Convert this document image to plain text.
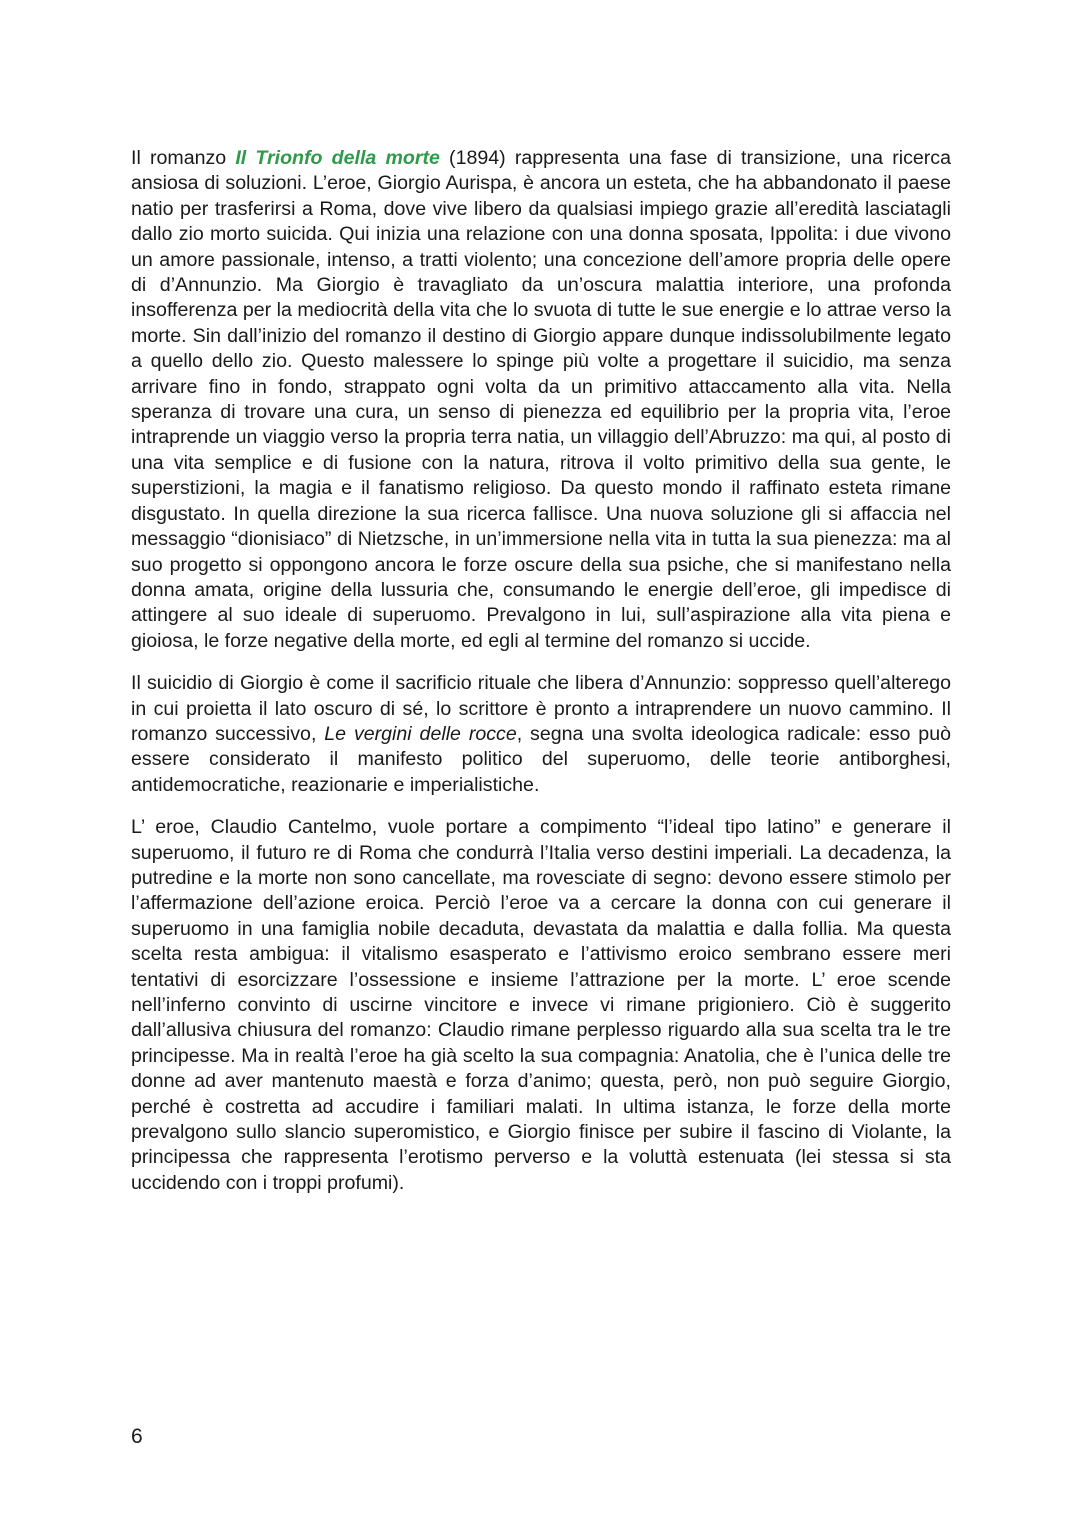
Il romanzo Il Trionfo della morte (1894) rappresenta una fase di transizione, una ricerca ansiosa di soluzioni. L’eroe, Giorgio Aurispa, è ancora un esteta, che ha abbandonato il paese natio per trasferirsi a Roma, dove vive libero da qualsiasi impiego grazie all’eredità lasciatagli dallo zio morto suicida. Qui inizia una relazione con una donna sposata, Ippolita: i due vivono un amore passionale, intenso, a tratti violento; una concezione dell’amore propria delle opere di d’Annunzio. Ma Giorgio è travagliato da un’oscura malattia interiore, una profonda insofferenza per la mediocrità della vita che lo svuota di tutte le sue energie e lo attrae verso la morte. Sin dall’inizio del romanzo il destino di Giorgio appare dunque indissolubilmente legato a quello dello zio. Questo malessere lo spinge più volte a progettare il suicidio, ma senza arrivare fino in fondo, strappato ogni volta da un primitivo attaccamento alla vita. Nella speranza di trovare una cura, un senso di pienezza ed equilibrio per la propria vita, l’eroe intraprende un viaggio verso la propria terra natia, un villaggio dell’Abruzzo: ma qui, al posto di una vita semplice e di fusione con la natura, ritrova il volto primitivo della sua gente, le superstizioni, la magia e il fanatismo religioso. Da questo mondo il raffinato esteta rimane disgustato. In quella direzione la sua ricerca fallisce. Una nuova soluzione gli si affaccia nel messaggio “dionisiaco” di Nietzsche, in un’immersione nella vita in tutta la sua pienezza: ma al suo progetto si oppongono ancora le forze oscure della sua psiche, che si manifestano nella donna amata, origine della lussuria che, consumando le energie dell’eroe, gli impedisce di attingere al suo ideale di superuomo. Prevalgono in lui, sull’aspirazione alla vita piena e gioiosa, le forze negative della morte, ed egli al termine del romanzo si uccide.

Il suicidio di Giorgio è come il sacrificio rituale che libera d’Annunzio: soppresso quell’alterego in cui proietta il lato oscuro di sé, lo scrittore è pronto a intraprendere un nuovo cammino. Il romanzo successivo, Le vergini delle rocce, segna una svolta ideologica radicale: esso può essere considerato il manifesto politico del superuomo, delle teorie antiborghesi, antidemocratiche, reazionarie e imperialistiche.

L’ eroe, Claudio Cantelmo, vuole portare a compimento “l’ideal tipo latino” e generare il superuomo, il futuro re di Roma che condurrà l’Italia verso destini imperiali. La decadenza, la putredine e la morte non sono cancellate, ma rovesciate di segno: devono essere stimolo per l’affermazione dell’azione eroica. Perciò l’eroe va a cercare la donna con cui generare il superuomo in una famiglia nobile decaduta, devastata da malattia e dalla follia. Ma questa scelta resta ambigua: il vitalismo esasperato e l’attivismo eroico sembrano essere meri tentativi di esorcizzare l’ossessione e insieme l’attrazione per la morte. L’ eroe scende nell’inferno convinto di uscirne vincitore e invece vi rimane prigioniero. Ciò è suggerito dall’allusiva chiusura del romanzo: Claudio rimane perplesso riguardo alla sua scelta tra le tre principesse. Ma in realtà l’eroe ha già scelto la sua compagnia: Anatolia, che è l’unica delle tre donne ad aver mantenuto maestà e forza d’animo; questa, però, non può seguire Giorgio, perché è costretta ad accudire i familiari malati. In ultima istanza, le forze della morte prevalgono sullo slancio superomistico, e Giorgio finisce per subire il fascino di Violante, la principessa che rappresenta l’erotismo perverso e la voluttà estenuata (lei stessa si sta uccidendo con i troppi profumi).

6
